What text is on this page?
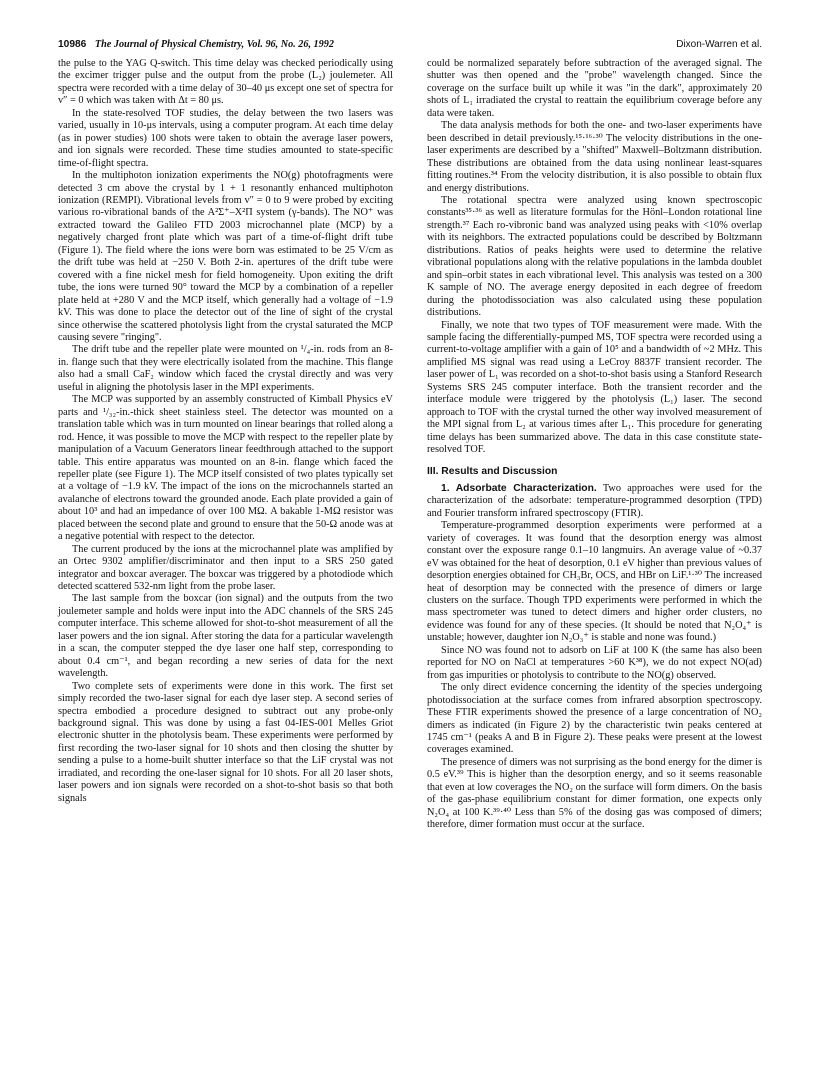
10986 The Journal of Physical Chemistry, Vol. 96, No. 26, 1992	Dixon-Warren et al.

the pulse to the YAG Q-switch. This time delay was checked periodically using the excimer trigger pulse and the output from the probe (L₂) joulemeter. All spectra were recorded with a time delay of 30–40 μs except one set of spectra for v″ = 0 which was taken with Δt = 80 μs.

In the state-resolved TOF studies, the delay between the two lasers was varied, usually in 10-μs intervals, using a computer program. At each time delay (as in power studies) 100 shots were taken to obtain the average laser powers, and ion signals were recorded. These time studies amounted to state-specific time-of-flight spectra.

In the multiphoton ionization experiments the NO(g) photofragments were detected 3 cm above the crystal by 1 + 1 resonantly enhanced multiphoton ionization (REMPI). Vibrational levels from v″ = 0 to 9 were probed by exciting various ro-vibrational bands of the A²Σ⁺–X²Π system (γ-bands). The NO⁺ was extracted toward the Galileo FTD 2003 microchannel plate (MCP) by a negatively charged front plate which was part of a time-of-flight drift tube (Figure 1). The field where the ions were born was estimated to be 25 V/cm as the drift tube was held at −250 V. Both 2-in. apertures of the drift tube were covered with a fine nickel mesh for field homogeneity. Upon exiting the drift tube, the ions were turned 90° toward the MCP by a combination of a repeller plate held at +280 V and the MCP itself, which generally had a voltage of −1.9 kV. This was done to place the detector out of the line of sight of the crystal since otherwise the scattered photolysis light from the crystal saturated the MCP causing severe "ringing".

The drift tube and the repeller plate were mounted on ¹/₄-in. rods from an 8-in. flange such that they were electrically isolated from the machine. This flange also had a small CaF₂ window which faced the crystal directly and was very useful in aligning the photolysis laser in the MPI experiments.

The MCP was supported by an assembly constructed of Kimball Physics eV parts and ¹/₃₂-in.-thick sheet stainless steel. The detector was mounted on a translation table which was in turn mounted on linear bearings that rolled along a rod. Hence, it was possible to move the MCP with respect to the repeller plate by manipulation of a Vacuum Generators linear feedthrough attached to the support table. This entire apparatus was mounted on an 8-in. flange which faced the repeller plate (see Figure 1). The MCP itself consisted of two plates typically set at a voltage of −1.9 kV. The impact of the ions on the microchannels started an avalanche of electrons toward the grounded anode. Each plate provided a gain of about 10³ and had an impedance of over 100 MΩ. A bakable 1-MΩ resistor was placed between the second plate and ground to ensure that the 50-Ω anode was at a negative potential with respect to the detector.

The current produced by the ions at the microchannel plate was amplified by an Ortec 9302 amplifier/discriminator and then input to a SRS 250 gated integrator and boxcar averager. The boxcar was triggered by a photodiode which detected scattered 532-nm light from the probe laser.

The last sample from the boxcar (ion signal) and the outputs from the two joulemeter sample and holds were input into the ADC channels of the SRS 245 computer interface. This scheme allowed for shot-to-shot measurement of all the laser powers and the ion signal. After storing the data for a particular wavelength in a scan, the computer stepped the dye laser one half step, corresponding to about 0.4 cm⁻¹, and began recording a new series of data for the next wavelength.

Two complete sets of experiments were done in this work. The first set simply recorded the two-laser signal for each dye laser step. A second series of spectra embodied a procedure designed to subtract out any probe-only background signal. This was done by using a fast 04-IES-001 Melles Griot electronic shutter in the photolysis beam. These experiments were performed by first recording the two-laser signal for 10 shots and then closing the shutter by sending a pulse to a home-built shutter interface so that the LiF crystal was not irradiated, and recording the one-laser signal for 10 shots. For all 20 laser shots, laser powers and ion signals were recorded on a shot-to-shot basis so that both signals

could be normalized separately before subtraction of the averaged signal. The shutter was then opened and the "probe" wavelength changed. Since the coverage on the surface built up while it was "in the dark", approximately 20 shots of L₁ irradiated the crystal to reattain the equilibrium coverage before any data were taken.

The data analysis methods for both the one- and two-laser experiments have been described in detail previously.¹⁵·¹⁶·³⁰ The velocity distributions in the one-laser experiments are described by a "shifted" Maxwell–Boltzmann distribution. These distributions are obtained from the data using nonlinear least-squares fitting routines.³⁴ From the velocity distribution, it is also possible to obtain flux and energy distributions.

The rotational spectra were analyzed using known spectroscopic constants³⁵·³⁶ as well as literature formulas for the Hönl–London rotational line strength.³⁷ Each ro-vibronic band was analyzed using peaks with <10% overlap with its neighbors. The extracted populations could be described by Boltzmann distributions. Ratios of peaks heights were used to determine the relative vibrational populations along with the relative populations in the lambda doublet and spin–orbit states in each vibrational level. This analysis was tested on a 300 K sample of NO. The average energy deposited in each degree of freedom during the photodissociation was also calculated using these population distributions.

Finally, we note that two types of TOF measurement were made. With the sample facing the differentially-pumped MS, TOF spectra were recorded using a current-to-voltage amplifier with a gain of 10⁵ and a bandwidth of ~2 MHz. This amplified MS signal was read using a LeCroy 8837F transient recorder. The laser power of L₁ was recorded on a shot-to-shot basis using a Stanford Research Systems SRS 245 computer interface. Both the transient recorder and the interface module were triggered by the photolysis (L₁) laser. The second approach to TOF with the crystal turned the other way involved measurement of the MPI signal from L₂ at various times after L₁. This procedure for generating time delays has been summarized above. The data in this case constitute state-resolved TOF.

III. Results and Discussion

1. Adsorbate Characterization. Two approaches were used for the characterization of the adsorbate: temperature-programmed desorption (TPD) and Fourier transform infrared spectroscopy (FTIR).

Temperature-programmed desorption experiments were performed at a variety of coverages. It was found that the desorption energy was almost constant over the exposure range 0.1–10 langmuirs. An average value of ~0.37 eV was obtained for the heat of desorption, 0.1 eV higher than previous values of desorption energies obtained for CH₃Br, OCS, and HBr on LiF.¹·³⁰ The increased heat of desorption may be connected with the presence of dimers or large clusters on the surface. Though TPD experiments were performed in which the mass spectrometer was tuned to detect dimers and higher order clusters, no evidence was found for any of these species. (It should be noted that N₂O₄⁺ is unstable; however, daughter ion N₂O₃⁺ is stable and none was found.)

Since NO was found not to adsorb on LiF at 100 K (the same has also been reported for NO on NaCl at temperatures >60 K³⁸), we do not expect NO(ad) from gas impurities or photolysis to contribute to the NO(g) observed.

The only direct evidence concerning the identity of the species undergoing photodissociation at the surface comes from infrared absorption spectroscopy. These FTIR experiments showed the presence of a large concentration of NO₂ dimers as indicated (in Figure 2) by the characteristic twin peaks centered at 1745 cm⁻¹ (peaks A and B in Figure 2). These peaks were present at the lowest coverages examined.

The presence of dimers was not surprising as the bond energy for the dimer is 0.5 eV.³⁹ This is higher than the desorption energy, and so it seems reasonable that even at low coverages the NO₂ on the surface will form dimers. On the basis of the gas-phase equilibrium constant for dimer formation, one expects only N₂O₄ at 100 K.³⁹·⁴⁰ Less than 5% of the dosing gas was composed of dimers; therefore, dimer formation must occur at the surface.
